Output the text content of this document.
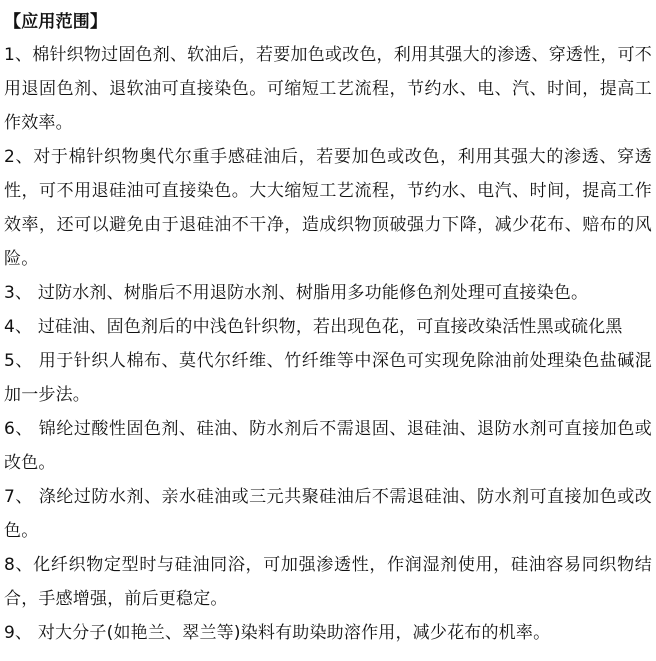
【应用范围】

1、棉针织物过固色剂、软油后，若要加色或改色，利用其强大的渗透、穿透性，可不用退固色剂、退软油可直接染色。可缩短工艺流程，节约水、电、汽、时间，提高工作效率。

2、对于棉针织物奥代尔重手感硅油后，若要加色或改色，利用其强大的渗透、穿透性，可不用退硅油可直接染色。大大缩短工艺流程，节约水、电汽、时间，提高工作效率，还可以避免由于退硅油不干净，造成织物顶破强力下降，减少花布、赔布的风险。

3、 过防水剂、树脂后不用退防水剂、树脂用多功能修色剂处理可直接染色。

4、 过硅油、固色剂后的中浅色针织物，若出现色花，可直接改染活性黑或硫化黑

5、 用于针织人棉布、莫代尔纤维、竹纤维等中深色可实现免除油前处理染色盐碱混加一步法。

6、 锦纶过酸性固色剂、硅油、防水剂后不需退固、退硅油、退防水剂可直接加色或改色。

7、 涤纶过防水剂、亲水硅油或三元共聚硅油后不需退硅油、防水剂可直接加色或改色。

8、化纤织物定型时与硅油同浴，可加强渗透性，作润湿剂使用，硅油容易同织物结合，手感增强，前后更稳定。

9、 对大分子(如艳兰、翠兰等)染料有助染助溶作用，减少花布的机率。
